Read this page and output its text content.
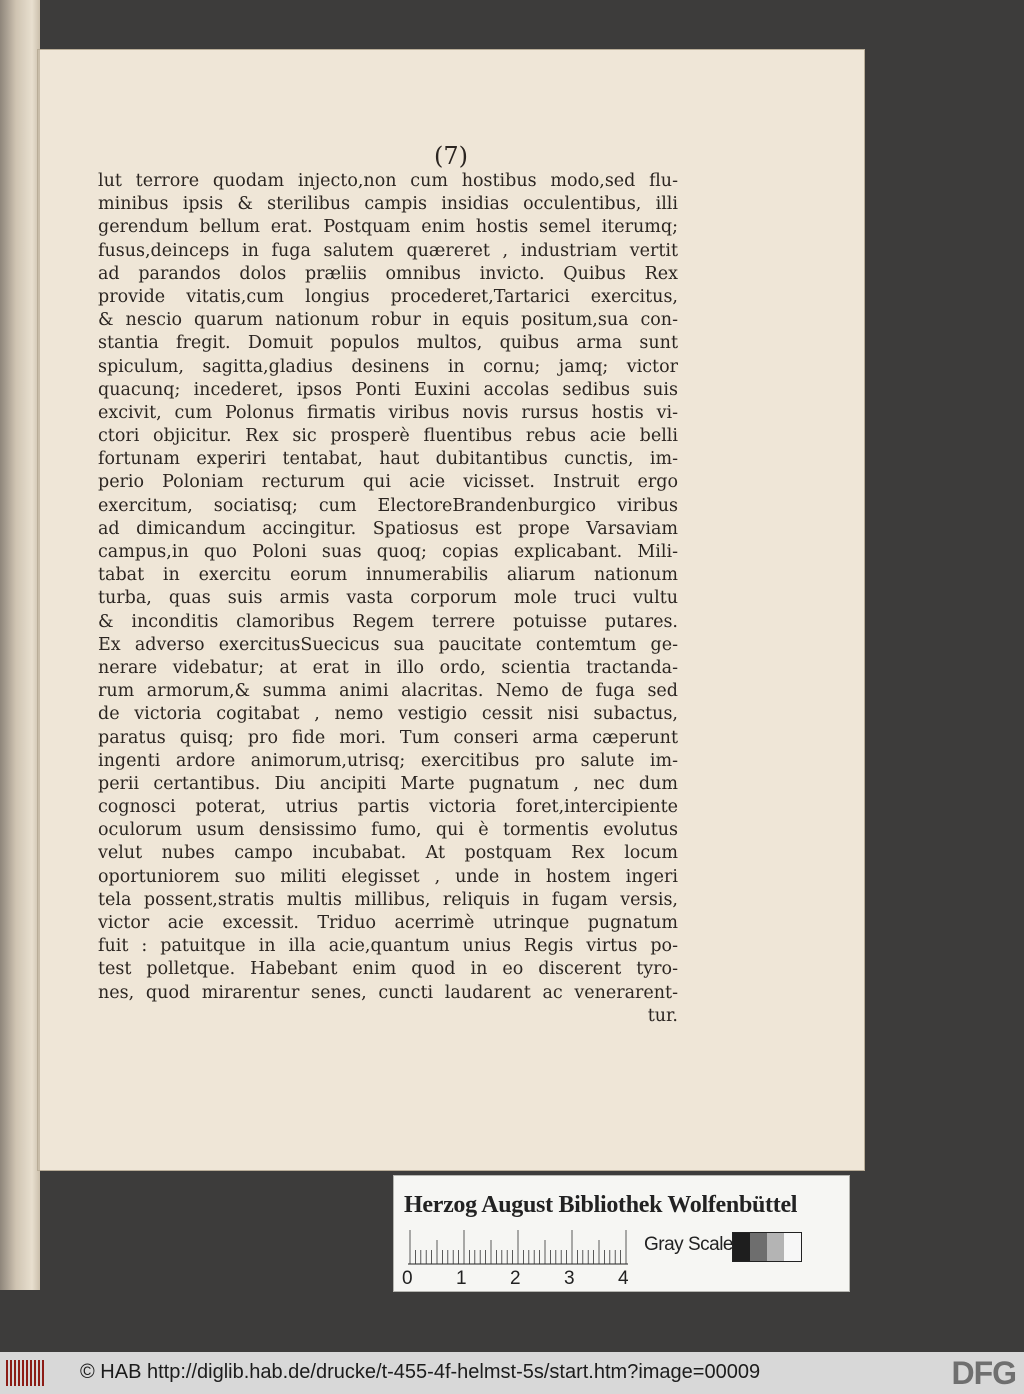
(7)
lut terrore quodam injecto,non cum hostibus modo,sed flu-
minibus ipsis & sterilibus campis insidias occulentibus, illi
gerendum bellum erat. Postquam enim hostis semel iterumq;
fusus,deinceps in fuga salutem quæreret , industriam vertit
ad parandos dolos præliis omnibus invicto. Quibus Rex
provide vitatis,cum longius procederet,Tartarici exercitus,
& nescio quarum nationum robur in equis positum,sua con-
stantia fregit. Domuit populos multos, quibus arma sunt
spiculum, sagitta,gladius desinens in cornu; jamq; victor
quacunq; incederet, ipsos Ponti Euxini accolas sedibus suis
excivit, cum Polonus firmatis viribus novis rursus hostis vi-
ctori objicitur. Rex sic prosperè fluentibus rebus acie belli
fortunam experiri tentabat, haut dubitantibus cunctis, im-
perio Poloniam recturum qui acie vicisset. Instruit ergo
exercitum, sociatisq; cum ElectoreBrandenburgico viribus
ad dimicandum accingitur. Spatiosus est prope Varsaviam
campus,in quo Poloni suas quoq; copias explicabant. Mili-
tabat in exercitu eorum innumerabilis aliarum nationum
turba, quas suis armis vasta corporum mole truci vultu
& inconditis clamoribus Regem terrere potuisse putares.
Ex adverso exercitusSuecicus sua paucitate contemtum ge-
nerare videbatur; at erat in illo ordo, scientia tractanda-
rum armorum,& summa animi alacritas. Nemo de fuga sed
de victoria cogitabat , nemo vestigio cessit nisi subactus,
paratus quisq; pro fide mori. Tum conseri arma cæperunt
ingenti ardore animorum,utrisq; exercitibus pro salute im-
perii certantibus. Diu ancipiti Marte pugnatum , nec dum
cognosci poterat, utrius partis victoria foret,intercipiente
oculorum usum densissimo fumo, qui è tormentis evolutus
velut nubes campo incubabat. At postquam Rex locum
oportuniorem suo militi elegisset , unde in hostem ingeri
tela possent,stratis multis millibus, reliquis in fugam versis,
victor acie excessit. Triduo acerrimè utrinque pugnatum
fuit : patuitque in illa acie,quantum unius Regis virtus po-
test polletque. Habebant enim quod in eo discerent tyro-
nes, quod mirarentur senes, cuncti laudarent ac venerarent-
tur.
Herzog August Bibliothek Wolfenbüttel
0 1 2 3 4
Gray Scale
© HAB http://diglib.hab.de/drucke/t-455-4f-helmst-5s/start.htm?image=00009	DFG
